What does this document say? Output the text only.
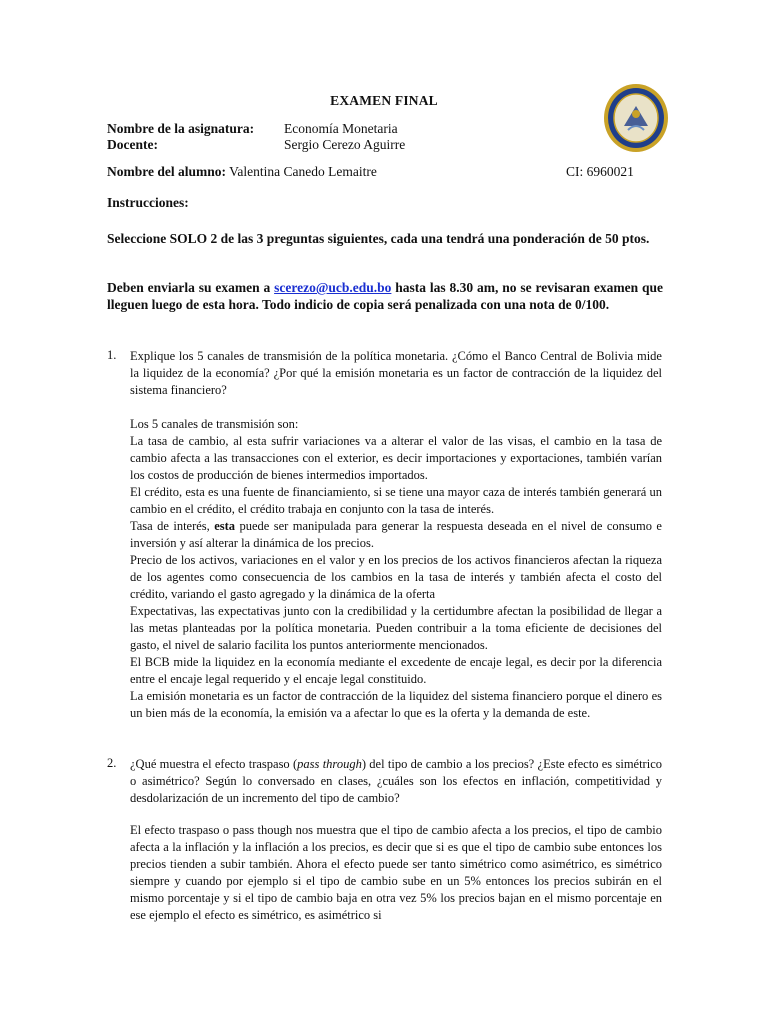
EXAMEN FINAL
Nombre de la asignatura: Economía Monetaria
Docente:	Sergio Cerezo Aguirre
Nombre del alumno: Valentina Canedo Lemaitre	CI: 6960021
Instrucciones:
Seleccione SOLO 2 de las 3 preguntas siguientes, cada una tendrá una ponderación de 50 ptos.
Deben enviarla su examen a scerezo@ucb.edu.bo hasta las 8.30 am, no se revisaran examen que lleguen luego de esta hora. Todo indicio de copia será penalizada con una nota de 0/100.
1. Explique los 5 canales de transmisión de la política monetaria. ¿Cómo el Banco Central de Bolivia mide la liquidez de la economía? ¿Por qué la emisión monetaria es un factor de contracción de la liquidez del sistema financiero?

Los 5 canales de transmisión son:

La tasa de cambio, al esta sufrir variaciones va a alterar el valor de las visas, el cambio en la tasa de cambio afecta a las transacciones con el exterior, es decir importaciones y exportaciones, también varían los costos de producción de bienes intermedios importados.

El crédito, esta es una fuente de financiamiento, si se tiene una mayor caza de interés también generará un cambio en el crédito, el crédito trabaja en conjunto con la tasa de interés.

Tasa de interés, esta puede ser manipulada para generar la respuesta deseada en el nivel de consumo e inversión y así alterar la dinámica de los precios.

Precio de los activos, variaciones en el valor y en los precios de los activos financieros afectan la riqueza de los agentes como consecuencia de los cambios en la tasa de interés y también afecta el costo del crédito, variando el gasto agregado y la dinámica de la oferta

Expectativas, las expectativas junto con la credibilidad y la certidumbre afectan la posibilidad de llegar a las metas planteadas por la política monetaria. Pueden contribuir a la toma eficiente de decisiones del gasto, el nivel de salario facilita los puntos anteriormente mencionados.

El BCB mide la liquidez en la economía mediante el excedente de encaje legal, es decir por la diferencia entre el encaje legal requerido y el encaje legal constituido.

La emisión monetaria es un factor de contracción de la liquidez del sistema financiero porque el dinero es un bien más de la economía, la emisión va a afectar lo que es la oferta y la demanda de este.

2. ¿Qué muestra el efecto traspaso (pass through) del tipo de cambio a los precios? ¿Este efecto es simétrico o asimétrico? Según lo conversado en clases, ¿cuáles son los efectos en inflación, competitividad y desdolarización de un incremento del tipo de cambio?
El efecto traspaso o pass though nos muestra que el tipo de cambio afecta a los precios, el tipo de cambio afecta a la inflación y la inflación a los precios, es decir que si es que el tipo de cambio sube entonces los precios tienden a subir también. Ahora el efecto puede ser tanto simétrico como asimétrico, es simétrico siempre y cuando por ejemplo si el tipo de cambio sube en un 5% entonces los precios subirán en el mismo porcentaje y si el tipo de cambio baja en otra vez 5% los precios bajan en el mismo porcentaje en ese ejemplo el efecto es simétrico, es asimétrico si
